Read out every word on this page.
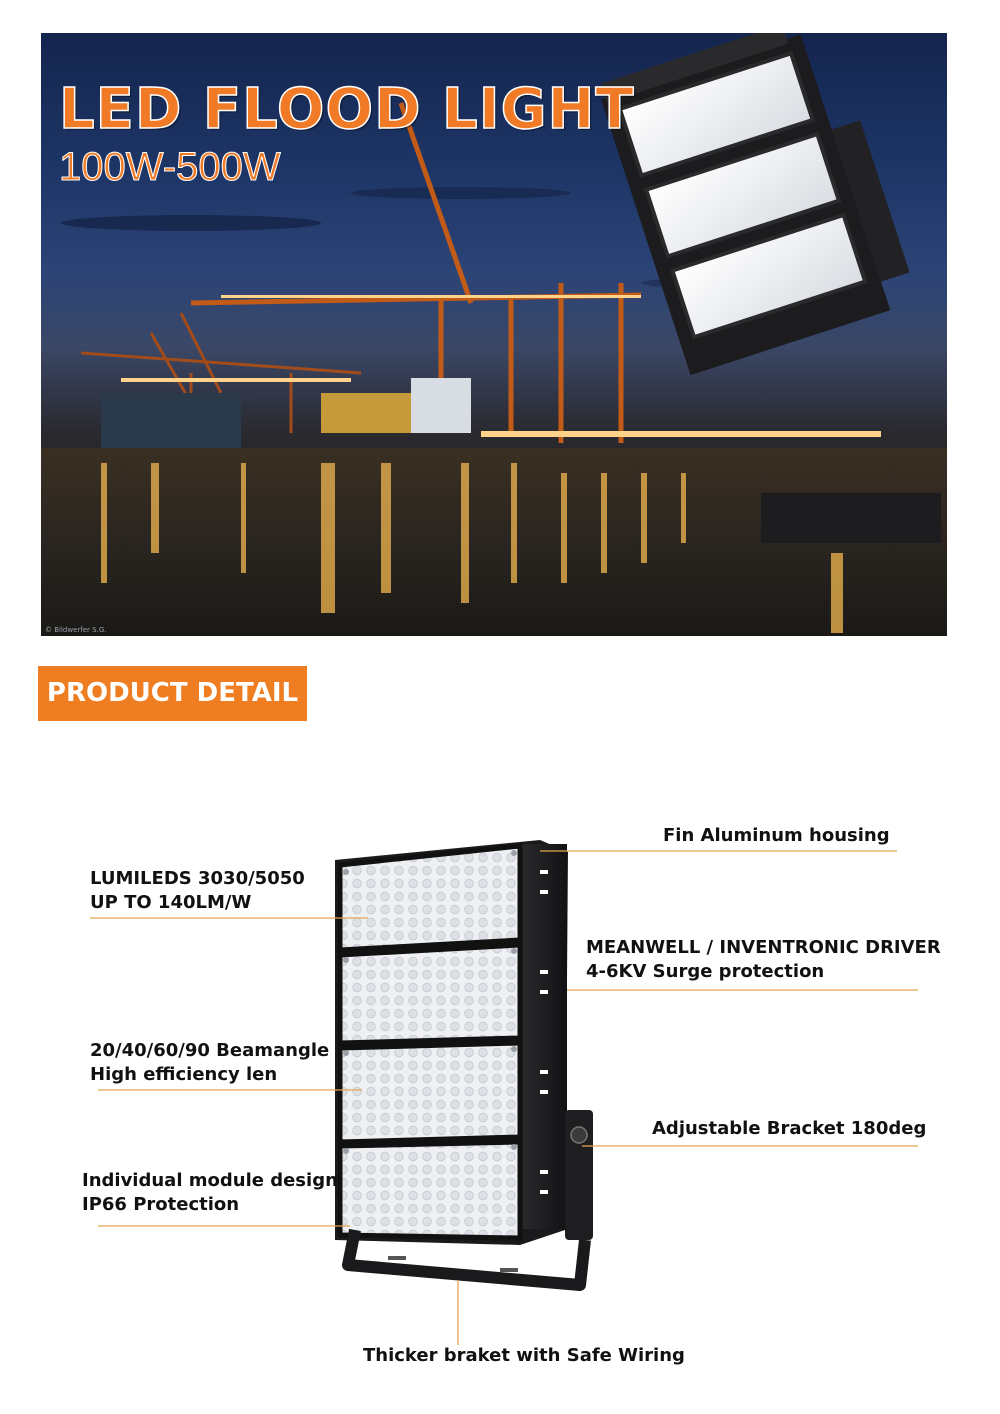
LED FLOOD LIGHT
100W-500W
© Bildwerfer S.G.
PRODUCT DETAIL
Fin Aluminum housing
LUMILEDS 3030/5050
UP TO 140LM/W
MEANWELL / INVENTRONIC DRIVER
4-6KV Surge protection
20/40/60/90 Beamangle
High efficiency len
Adjustable Bracket 180deg
Individual module design
IP66 Protection
Thicker braket with Safe Wiring
